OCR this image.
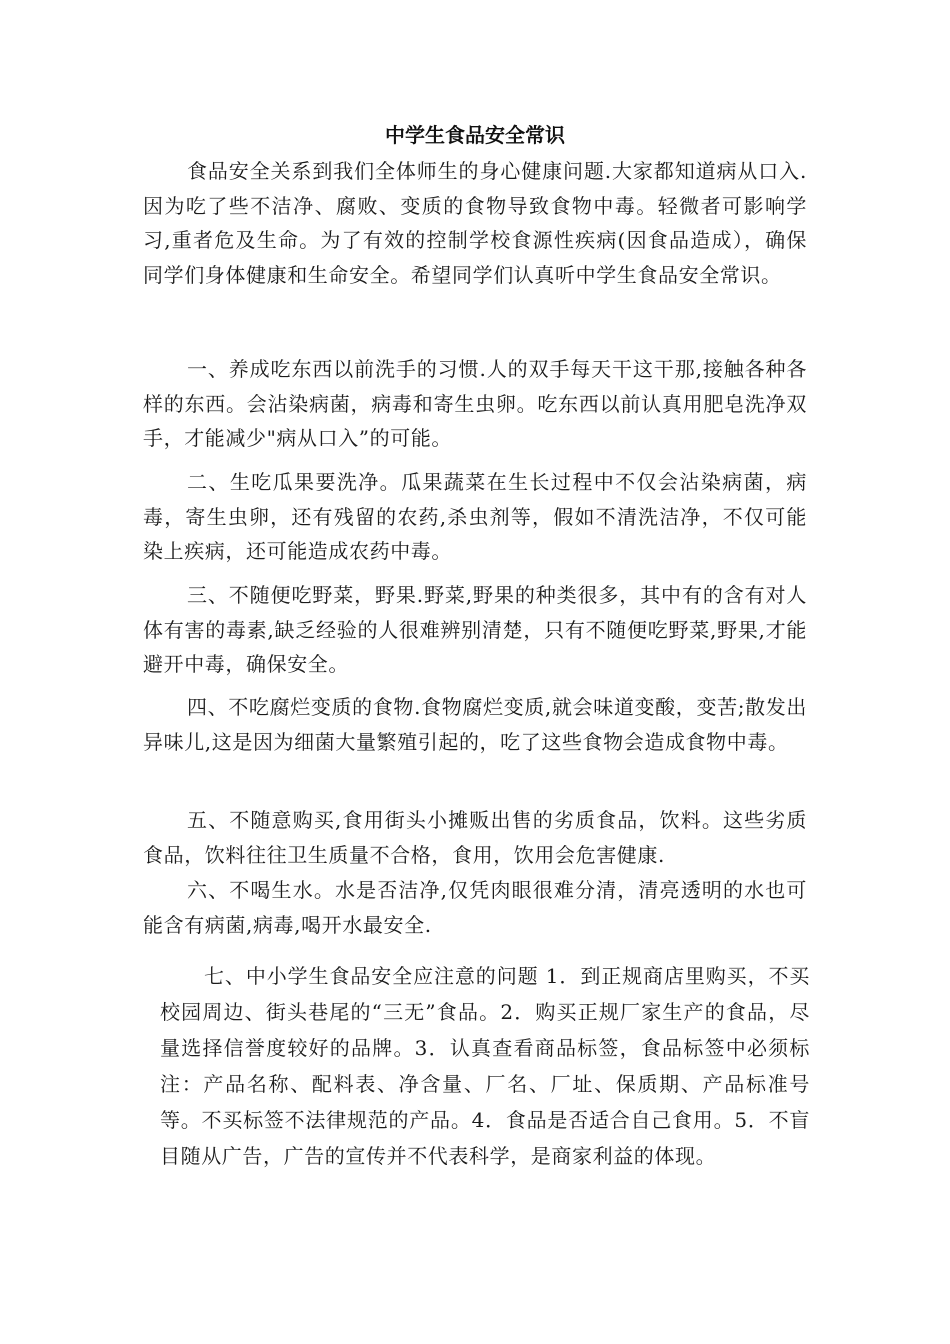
中学生食品安全常识

食品安全关系到我们全体师生的身心健康问题.大家都知道病从口入.因为吃了些不洁净、腐败、变质的食物导致食物中毒。轻微者可影响学习,重者危及生命。为了有效的控制学校食源性疾病(因食品造成），确保同学们身体健康和生命安全。希望同学们认真听中学生食品安全常识。

一、养成吃东西以前洗手的习惯.人的双手每天干这干那,接触各种各样的东西。会沾染病菌，病毒和寄生虫卵。吃东西以前认真用肥皂洗净双手，才能减少"病从口入”的可能。

二、生吃瓜果要洗净。瓜果蔬菜在生长过程中不仅会沾染病菌，病毒，寄生虫卵，还有残留的农药,杀虫剂等，假如不清洗洁净，不仅可能染上疾病，还可能造成农药中毒。

三、不随便吃野菜，野果.野菜,野果的种类很多，其中有的含有对人体有害的毒素,缺乏经验的人很难辨别清楚，只有不随便吃野菜,野果,才能避开中毒，确保安全。

四、不吃腐烂变质的食物.食物腐烂变质,就会味道变酸，变苦;散发出异味儿,这是因为细菌大量繁殖引起的，吃了这些食物会造成食物中毒。

五、不随意购买,食用街头小摊贩出售的劣质食品，饮料。这些劣质食品，饮料往往卫生质量不合格，食用，饮用会危害健康.

六、不喝生水。水是否洁净,仅凭肉眼很难分清，清亮透明的水也可能含有病菌,病毒,喝开水最安全.

七、中小学生食品安全应注意的问题 1．到正规商店里购买，不买校园周边、街头巷尾的“三无”食品。2．购买正规厂家生产的食品，尽量选择信誉度较好的品牌。3．认真查看商品标签，食品标签中必须标注：产品名称、配料表、净含量、厂名、厂址、保质期、产品标准号等。不买标签不法律规范的产品。4．食品是否适合自己食用。5．不盲目随从广告，广告的宣传并不代表科学，是商家利益的体现。
